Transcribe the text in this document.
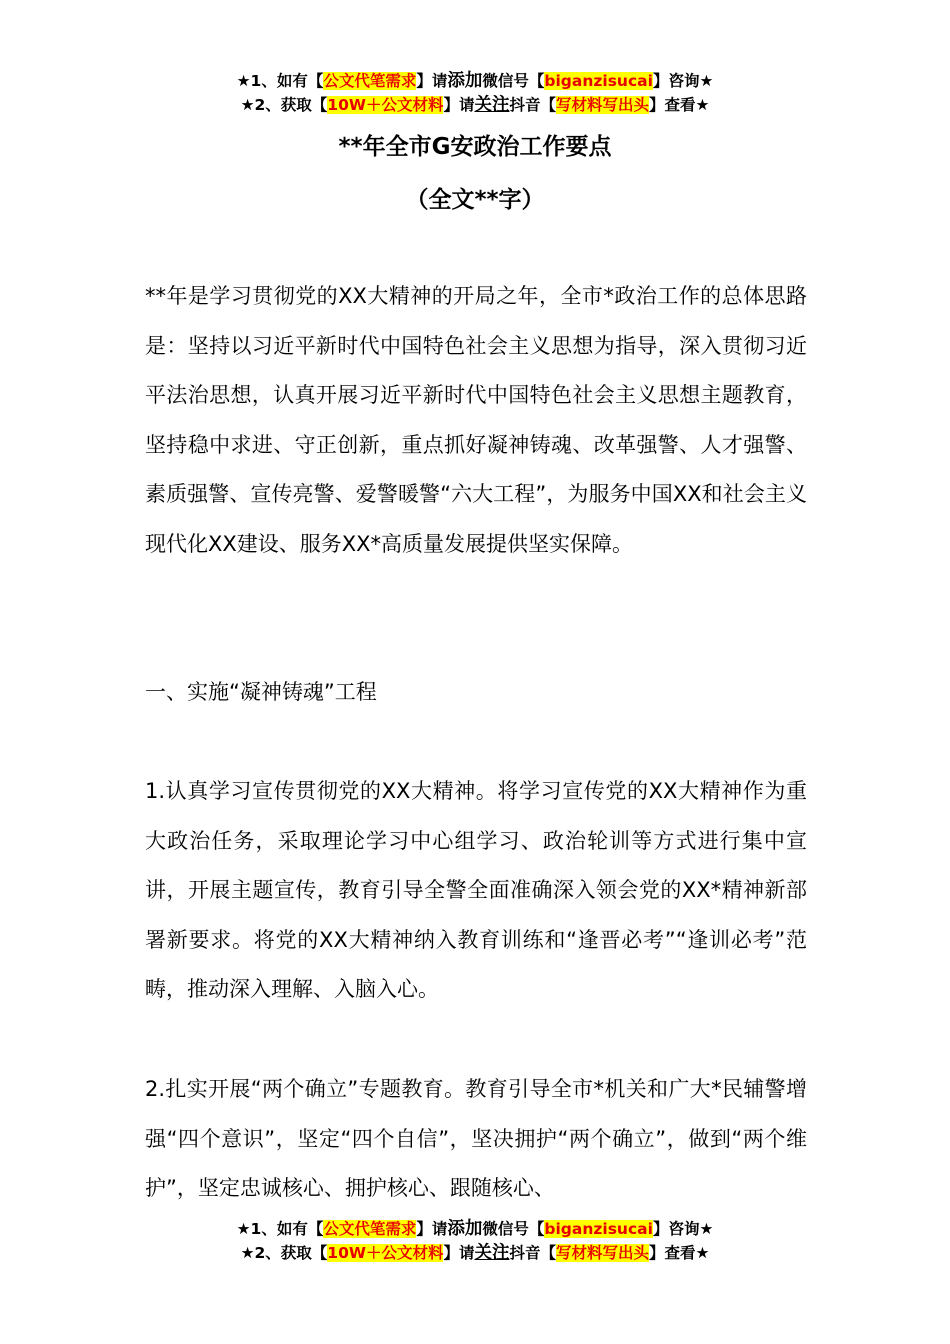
★1、如有【公文代笔需求】请添加微信号【biganzisucai】咨询★
★2、获取【10W＋公文材料】请关注抖音【写材料写出头】查看★
**年全市G安政治工作要点
（全文**字）
**年是学习贯彻党的XX大精神的开局之年，全市*政治工作的总体思路是：坚持以习近平新时代中国特色社会主义思想为指导，深入贯彻习近平法治思想，认真开展习近平新时代中国特色社会主义思想主题教育，坚持稳中求进、守正创新，重点抓好凝神铸魂、改革强警、人才强警、素质强警、宣传亮警、爱警暖警“六大工程”，为服务中国XX和社会主义现代化XX建设、服务XX*高质量发展提供坚实保障。
一、实施“凝神铸魂”工程
1.认真学习宣传贯彻党的XX大精神。将学习宣传党的XX大精神作为重大政治任务，采取理论学习中心组学习、政治轮训等方式进行集中宣讲，开展主题宣传，教育引导全警全面准确深入领会党的XX*精神新部署新要求。将党的XX大精神纳入教育训练和“逢晋必考”“逢训必考”范畴，推动深入理解、入脑入心。
2.扎实开展“两个确立”专题教育。教育引导全市*机关和广大*民辅警增强“四个意识”，坚定“四个自信”，坚决拥护“两个确立”，做到“两个维护”，坚定忠诚核心、拥护核心、跟随核心、
★1、如有【公文代笔需求】请添加微信号【biganzisucai】咨询★
★2、获取【10W＋公文材料】请关注抖音【写材料写出头】查看★
